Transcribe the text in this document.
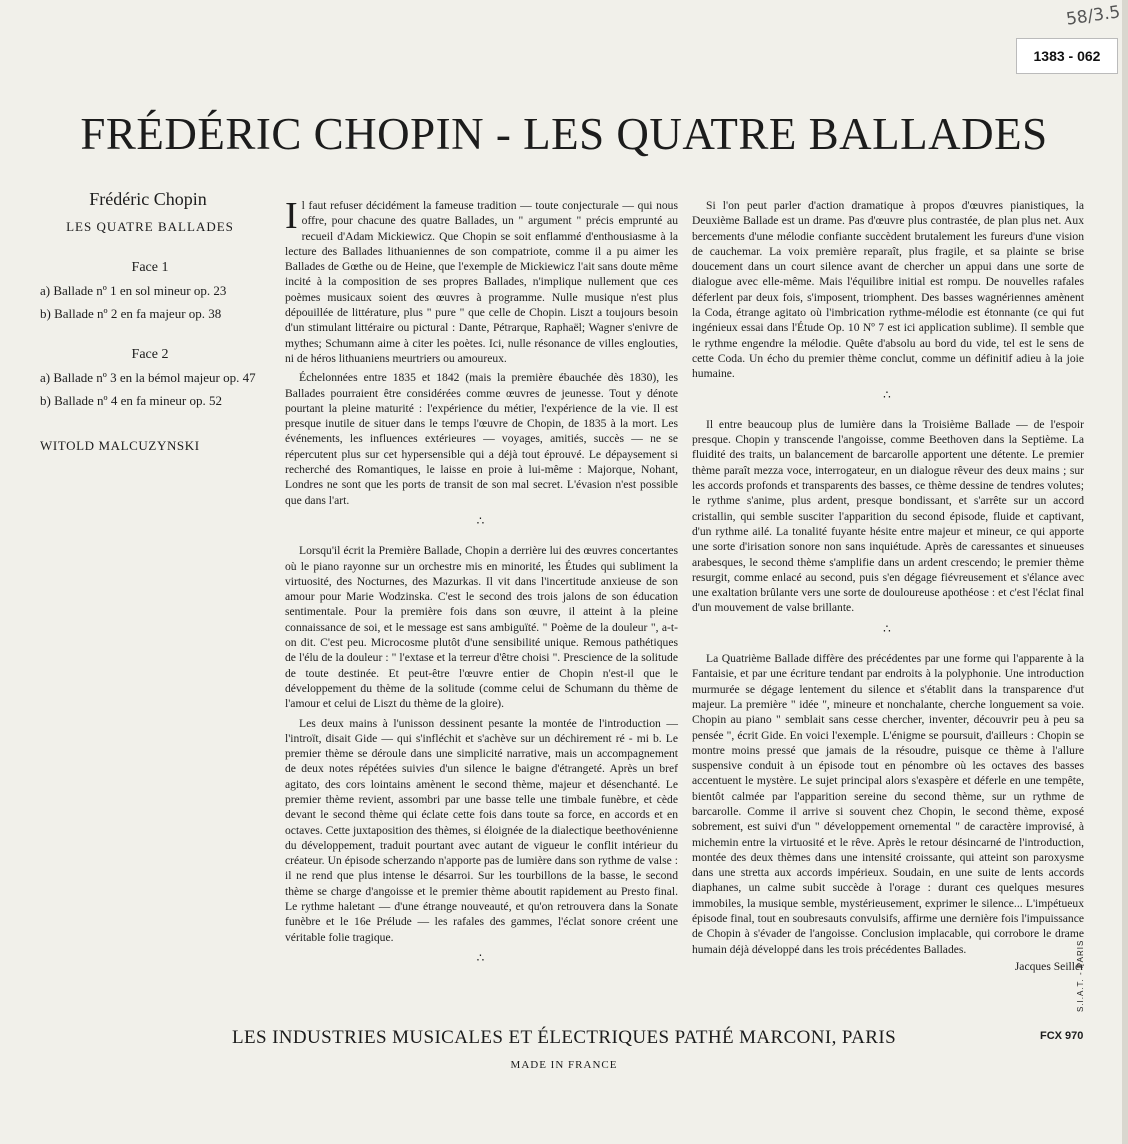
58/3.5
1383 - 062
FRÉDÉRIC CHOPIN - LES QUATRE BALLADES
Frédéric Chopin
LES QUATRE BALLADES
Face 1
a) Ballade nº 1 en sol mineur op. 23
b) Ballade nº 2 en fa majeur op. 38
Face 2
a) Ballade nº 3 en la bémol majeur op. 47
b) Ballade nº 4 en fa mineur op. 52
WITOLD MALCUZYNSKI

Il faut refuser décidément la fameuse tradition — toute conjecturale — qui nous offre, pour chacune des quatre Ballades, un " argument " précis emprunté au recueil d'Adam Mickiewicz. Que Chopin se soit enflammé d'enthousiasme à la lecture des Ballades lithuaniennes de son compatriote, comme il a pu aimer les Ballades de Gœthe ou de Heine, que l'exemple de Mickiewicz l'ait sans doute même incité à la composition de ses propres Ballades, n'implique nullement que ces poèmes musicaux soient des œuvres à programme. Nulle musique n'est plus dépouillée de littérature, plus " pure " que celle de Chopin. Liszt a toujours besoin d'un stimulant littéraire ou pictural : Dante, Pétrarque, Raphaël; Wagner s'enivre de mythes; Schumann aime à citer les poètes. Ici, nulle résonance de villes englouties, ni de héros lithuaniens meurtriers ou amoureux.

Échelonnées entre 1835 et 1842 (mais la première ébauchée dès 1830), les Ballades pourraient être considérées comme œuvres de jeunesse. Tout y dénote pourtant la pleine maturité : l'expérience du métier, l'expérience de la vie. Il est presque inutile de situer dans le temps l'œuvre de Chopin, de 1835 à la mort. Les événements, les influences extérieures — voyages, amitiés, succès — ne se répercutent plus sur cet hypersensible qui a déjà tout éprouvé. Le dépaysement si recherché des Romantiques, le laisse en proie à lui-même : Majorque, Nohant, Londres ne sont que les ports de transit de son mal secret. L'évasion n'est possible que dans l'art.

∴

Lorsqu'il écrit la Première Ballade, Chopin a derrière lui des œuvres concertantes où le piano rayonne sur un orchestre mis en minorité, les Études qui subliment la virtuosité, des Nocturnes, des Mazurkas. Il vit dans l'incertitude anxieuse de son amour pour Marie Wodzinska. C'est le second des trois jalons de son éducation sentimentale. Pour la première fois dans son œuvre, il atteint à la pleine connaissance de soi, et le message est sans ambiguïté. " Poème de la douleur ", a-t-on dit. C'est peu. Microcosme plutôt d'une sensibilité unique. Remous pathétiques de l'élu de la douleur : " l'extase et la terreur d'être choisi ". Prescience de la solitude de toute destinée. Et peut-être l'œuvre entier de Chopin n'est-il que le développement du thème de la solitude (comme celui de Schumann du thème de l'amour et celui de Liszt du thème de la gloire).

Les deux mains à l'unisson dessinent pesante la montée de l'introduction — l'introït, disait Gide — qui s'infléchit et s'achève sur un déchirement ré - mi b. Le premier thème se déroule dans une simplicité narrative, mais un accompagnement de deux notes répétées suivies d'un silence le baigne d'étrangeté. Après un bref agitato, des cors lointains amènent le second thème, majeur et désenchanté. Le premier thème revient, assombri par une basse telle une timbale funèbre, et cède devant le second thème qui éclate cette fois dans toute sa force, en accords et en octaves. Cette juxtaposition des thèmes, si éloignée de la dialectique beethovénienne du développement, traduit pourtant avec autant de vigueur le conflit intérieur du créateur. Un épisode scherzando n'apporte pas de lumière dans son rythme de valse : il ne rend que plus intense le désarroi. Sur les tourbillons de la basse, le second thème se charge d'angoisse et le premier thème aboutit rapidement au Presto final. Le rythme haletant — d'une étrange nouveauté, et qu'on retrouvera dans la Sonate funèbre et le 16e Prélude — les rafales des gammes, l'éclat sonore créent une véritable folie tragique.

∴

Si l'on peut parler d'action dramatique à propos d'œuvres pianistiques, la Deuxième Ballade est un drame. Pas d'œuvre plus contrastée, de plan plus net. Aux bercements d'une mélodie confiante succèdent brutalement les fureurs d'une vision de cauchemar. La voix première reparaît, plus fragile, et sa plainte se brise doucement dans un court silence avant de chercher un appui dans une sorte de dialogue avec elle-même. Mais l'équilibre initial est rompu. De nouvelles rafales déferlent par deux fois, s'imposent, triomphent. Des basses wagnériennes amènent la Coda, étrange agitato où l'imbrication rythme-mélodie est étonnante (ce qui fut ingénieux essai dans l'Étude Op. 10 Nº 7 est ici application sublime). Il semble que le rythme engendre la mélodie. Quête d'absolu au bord du vide, tel est le sens de cette Coda. Un écho du premier thème conclut, comme un définitif adieu à la joie humaine.

∴

Il entre beaucoup plus de lumière dans la Troisième Ballade — de l'espoir presque. Chopin y transcende l'angoisse, comme Beethoven dans la Septième. La fluidité des traits, un balancement de barcarolle apportent une détente. Le premier thème paraît mezza voce, interrogateur, en un dialogue rêveur des deux mains ; sur les accords profonds et transparents des basses, ce thème dessine de tendres volutes; le rythme s'anime, plus ardent, presque bondissant, et s'arrête sur un accord cristallin, qui semble susciter l'apparition du second épisode, fluide et captivant, d'un rythme ailé. La tonalité fuyante hésite entre majeur et mineur, ce qui apporte une sorte d'irisation sonore non sans inquiétude. Après de caressantes et sinueuses arabesques, le second thème s'amplifie dans un ardent crescendo; le premier thème resurgit, comme enlacé au second, puis s'en dégage fiévreusement et s'élance avec une exaltation brûlante vers une sorte de douloureuse apothéose : et c'est l'éclat final d'un mouvement de valse brillante.

∴

La Quatrième Ballade diffère des précédentes par une forme qui l'apparente à la Fantaisie, et par une écriture tendant par endroits à la polyphonie. Une introduction murmurée se dégage lentement du silence et s'établit dans la transparence d'ut majeur. La première " idée ", mineure et nonchalante, cherche longuement sa voie. Chopin au piano " semblait sans cesse chercher, inventer, découvrir peu à peu sa pensée ", écrit Gide. En voici l'exemple. L'énigme se poursuit, d'ailleurs : Chopin se montre moins pressé que jamais de la résoudre, puisque ce thème à l'allure suspensive conduit à un épisode tout en pénombre où les octaves des basses accentuent le mystère. Le sujet principal alors s'exaspère et déferle en une tempête, bientôt calmée par l'apparition sereine du second thème, sur un rythme de barcarolle. Comme il arrive si souvent chez Chopin, le second thème, exposé sobrement, est suivi d'un " développement ornemental " de caractère improvisé, à michemin entre la virtuosité et le rêve. Après le retour désincarné de l'introduction, montée des deux thèmes dans une intensité croissante, qui atteint son paroxysme dans une stretta aux accords impérieux. Soudain, en une suite de lents accords diaphanes, un calme subit succède à l'orage : durant ces quelques mesures immobiles, la musique semble, mystérieusement, exprimer le silence... L'impétueux épisode final, tout en soubresauts convulsifs, affirme une dernière fois l'impuissance de Chopin à s'évader de l'angoisse. Conclusion implacable, qui corrobore le drame humain déjà développé dans les trois précédentes Ballades.

Jacques Seiller
LES INDUSTRIES MUSICALES ET ÉLECTRIQUES PATHÉ MARCONI, PARIS
MADE IN FRANCE
FCX 970
S.I.A.T. - PARIS
